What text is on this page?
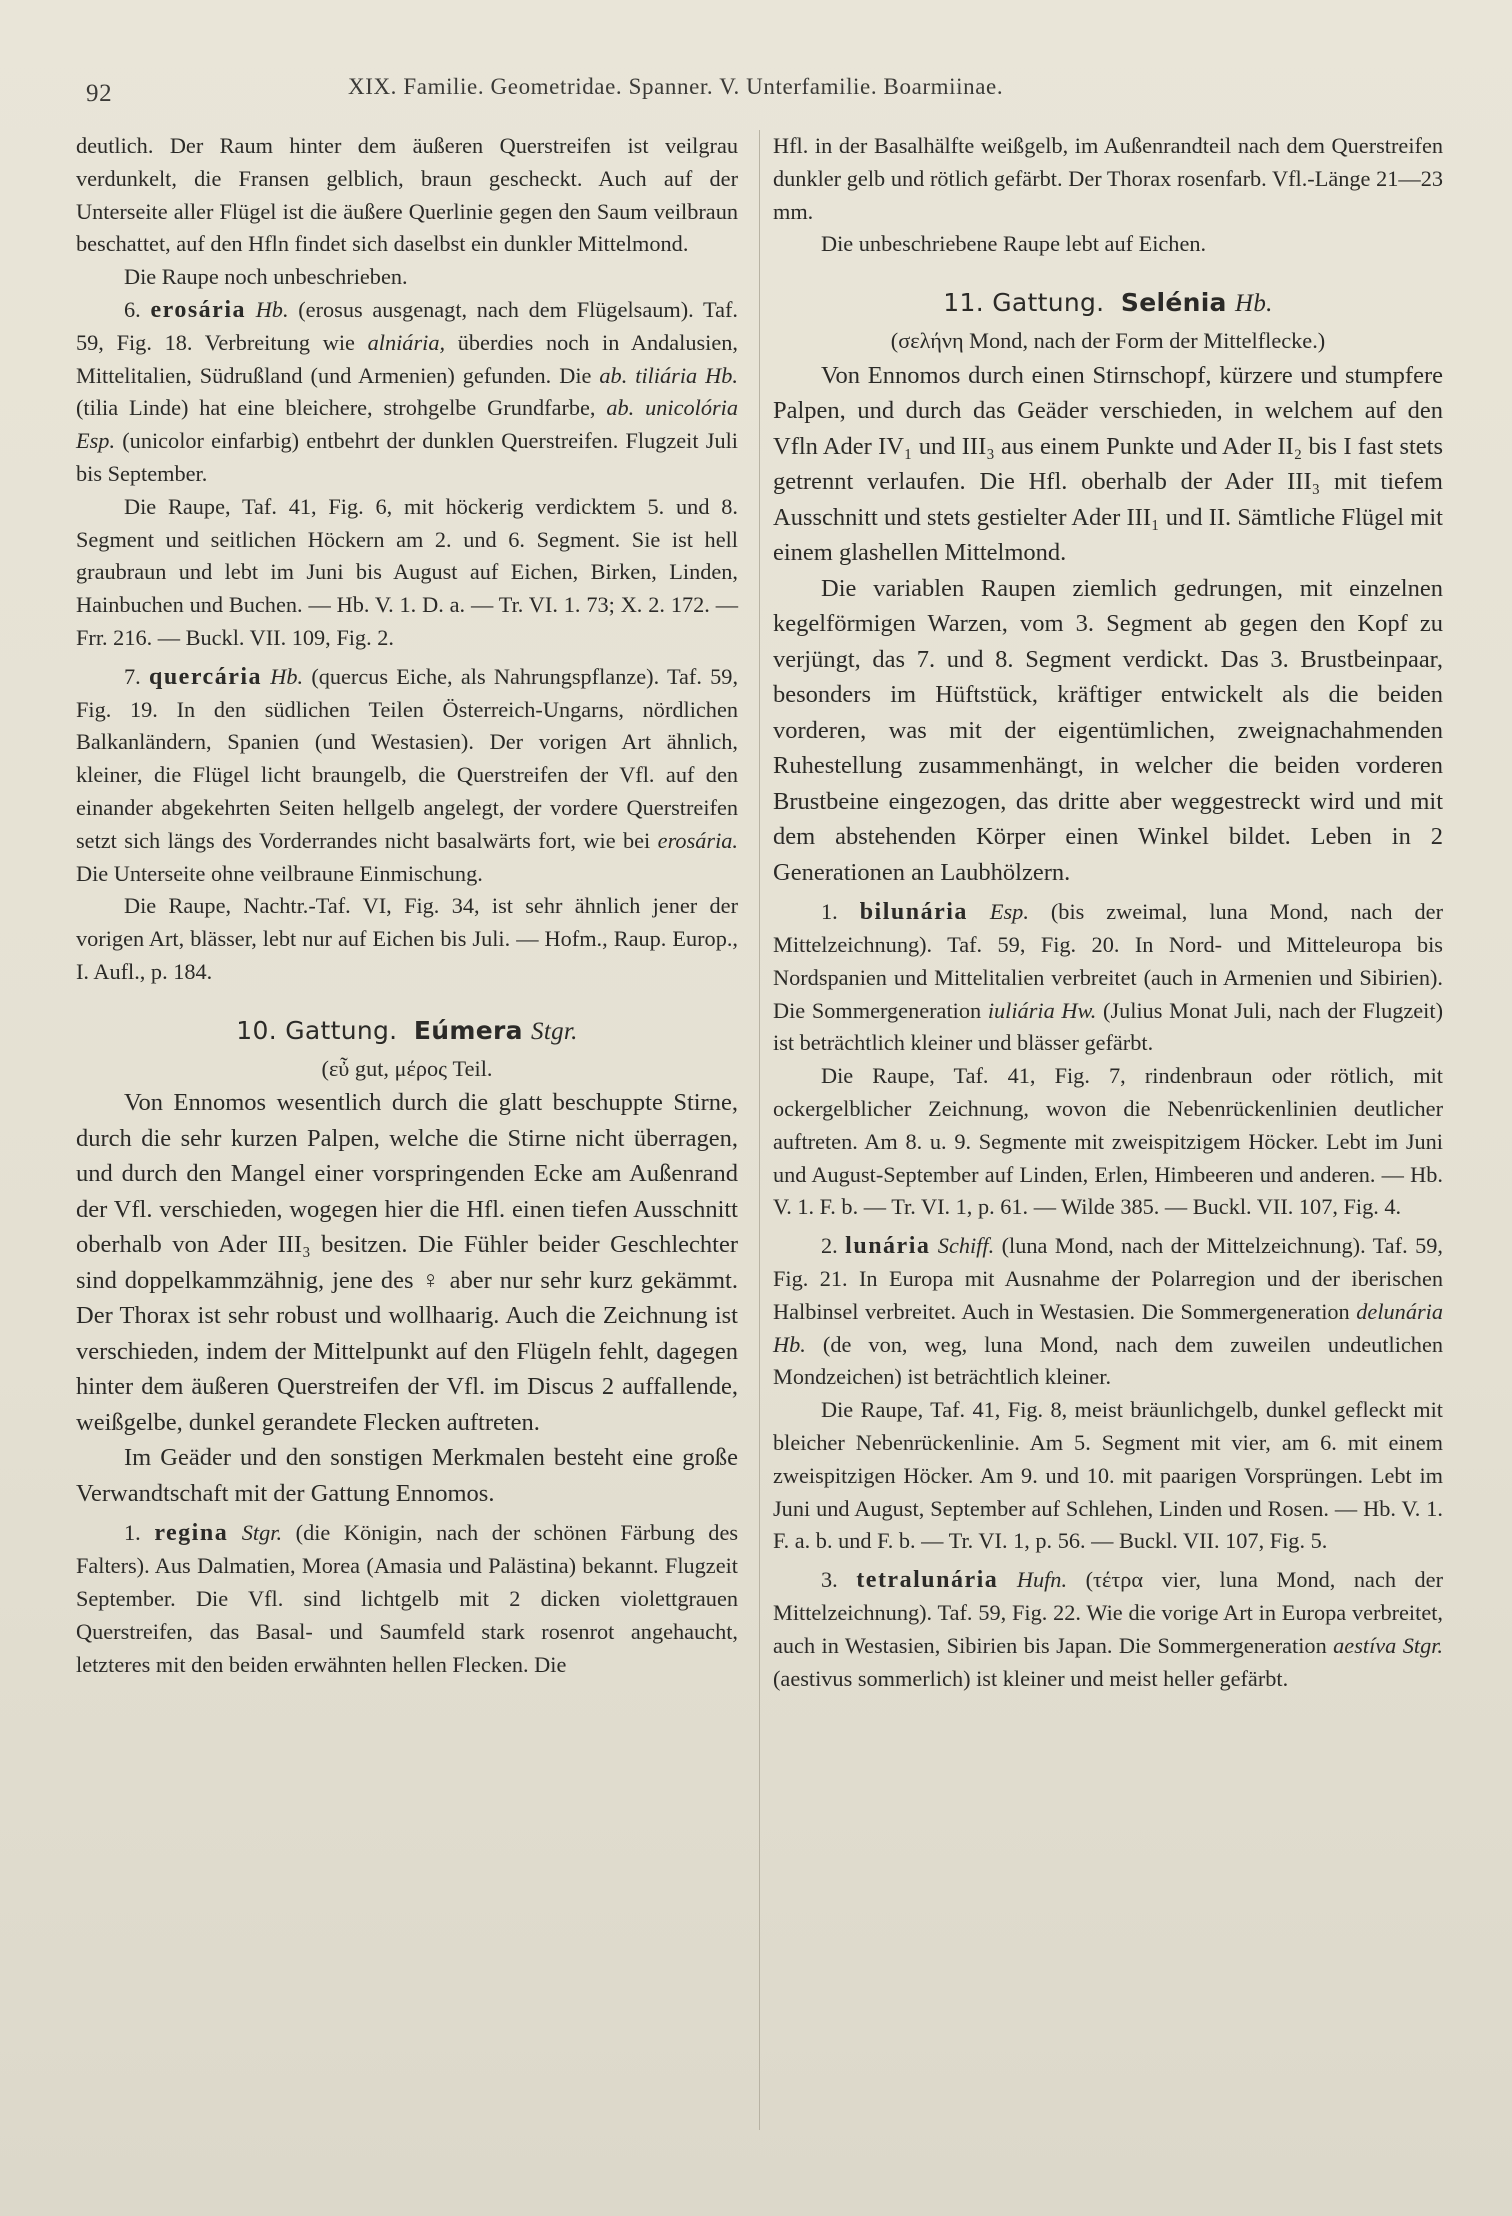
92	XIX. Familie. Geometridae. Spanner. V. Unterfamilie. Boarmiinae.

deutlich. Der Raum hinter dem äußeren Querstreifen ist veilgrau verdunkelt, die Fransen gelblich, braun gescheckt. Auch auf der Unterseite aller Flügel ist die äußere Querlinie gegen den Saum veilbraun beschattet, auf den Hfln findet sich daselbst ein dunkler Mittelmond.

Die Raupe noch unbeschrieben.

6. erosária Hb. (erosus ausgenagt, nach dem Flügelsaum). Taf. 59, Fig. 18. Verbreitung wie alniária, überdies noch in Andalusien, Mittelitalien, Südrußland (und Armenien) gefunden. Die ab. tiliária Hb. (tilia Linde) hat eine bleichere, strohgelbe Grundfarbe, ab. unicolória Esp. (unicolor einfarbig) entbehrt der dunklen Querstreifen. Flugzeit Juli bis September.

Die Raupe, Taf. 41, Fig. 6, mit höckerig verdicktem 5. und 8. Segment und seitlichen Höckern am 2. und 6. Segment. Sie ist hell graubraun und lebt im Juni bis August auf Eichen, Birken, Linden, Hainbuchen und Buchen. — Hb. V. 1. D. a. — Tr. VI. 1. 73; X. 2. 172. — Frr. 216. — Buckl. VII. 109, Fig. 2.

7. quercária Hb. (quercus Eiche, als Nahrungspflanze). Taf. 59, Fig. 19. In den südlichen Teilen Österreich-Ungarns, nördlichen Balkanländern, Spanien (und Westasien). Der vorigen Art ähnlich, kleiner, die Flügel licht braungelb, die Querstreifen der Vfl. auf den einander abgekehrten Seiten hellgelb angelegt, der vordere Querstreifen setzt sich längs des Vorderrandes nicht basalwärts fort, wie bei erosária. Die Unterseite ohne veilbraune Einmischung.

Die Raupe, Nachtr.-Taf. VI, Fig. 34, ist sehr ähnlich jener der vorigen Art, blässer, lebt nur auf Eichen bis Juli. — Hofm., Raup. Europ., I. Aufl., p. 184.

10. Gattung. Eúmera Stgr.

(εὖ gut, μέρος Teil.

Von Ennomos wesentlich durch die glatt beschuppte Stirne, durch die sehr kurzen Palpen, welche die Stirne nicht überragen, und durch den Mangel einer vorspringenden Ecke am Außenrand der Vfl. verschieden, wogegen hier die Hfl. einen tiefen Ausschnitt oberhalb von Ader III₃ besitzen. Die Fühler beider Geschlechter sind doppelkammzähnig, jene des ♀ aber nur sehr kurz gekämmt. Der Thorax ist sehr robust und wollhaarig. Auch die Zeichnung ist verschieden, indem der Mittelpunkt auf den Flügeln fehlt, dagegen hinter dem äußeren Querstreifen der Vfl. im Discus 2 auffallende, weißgelbe, dunkel gerandete Flecken auftreten.

Im Geäder und den sonstigen Merkmalen besteht eine große Verwandtschaft mit der Gattung Ennomos.

1. regina Stgr. (die Königin, nach der schönen Färbung des Falters). Aus Dalmatien, Morea (Amasia und Palästina) bekannt. Flugzeit September. Die Vfl. sind lichtgelb mit 2 dicken violettgrauen Querstreifen, das Basal- und Saumfeld stark rosenrot angehaucht, letzteres mit den beiden erwähnten hellen Flecken. Die

Hfl. in der Basalhälfte weißgelb, im Außenrandteil nach dem Querstreifen dunkler gelb und rötlich gefärbt. Der Thorax rosenfarb. Vfl.-Länge 21—23 mm.

Die unbeschriebene Raupe lebt auf Eichen.

11. Gattung. Selénia Hb.

(σελήνη Mond, nach der Form der Mittelflecke.)

Von Ennomos durch einen Stirnschopf, kürzere und stumpfere Palpen, und durch das Geäder verschieden, in welchem auf den Vfln Ader IV₁ und III₃ aus einem Punkte und Ader II₂ bis I fast stets getrennt verlaufen. Die Hfl. oberhalb der Ader III₃ mit tiefem Ausschnitt und stets gestielter Ader III₁ und II. Sämtliche Flügel mit einem glashellen Mittelmond.

Die variablen Raupen ziemlich gedrungen, mit einzelnen kegelförmigen Warzen, vom 3. Segment ab gegen den Kopf zu verjüngt, das 7. und 8. Segment verdickt. Das 3. Brustbeinpaar, besonders im Hüftstück, kräftiger entwickelt als die beiden vorderen, was mit der eigentümlichen, zweignachahmenden Ruhestellung zusammenhängt, in welcher die beiden vorderen Brustbeine eingezogen, das dritte aber weggestreckt wird und mit dem abstehenden Körper einen Winkel bildet. Leben in 2 Generationen an Laubhölzern.

1. bilunária Esp. (bis zweimal, luna Mond, nach der Mittelzeichnung). Taf. 59, Fig. 20. In Nord- und Mitteleuropa bis Nordspanien und Mittelitalien verbreitet (auch in Armenien und Sibirien). Die Sommergeneration iuliária Hw. (Julius Monat Juli, nach der Flugzeit) ist beträchtlich kleiner und blässer gefärbt.

Die Raupe, Taf. 41, Fig. 7, rindenbraun oder rötlich, mit ockergelblicher Zeichnung, wovon die Nebenrückenlinien deutlicher auftreten. Am 8. u. 9. Segmente mit zweispitzigem Höcker. Lebt im Juni und August-September auf Linden, Erlen, Himbeeren und anderen. — Hb. V. 1. F. b. — Tr. VI. 1, p. 61. — Wilde 385. — Buckl. VII. 107, Fig. 4.

2. lunária Schiff. (luna Mond, nach der Mittelzeichnung). Taf. 59, Fig. 21. In Europa mit Ausnahme der Polarregion und der iberischen Halbinsel verbreitet. Auch in Westasien. Die Sommergeneration delunária Hb. (de von, weg, luna Mond, nach dem zuweilen undeutlichen Mondzeichen) ist beträchtlich kleiner.

Die Raupe, Taf. 41, Fig. 8, meist bräunlichgelb, dunkel gefleckt mit bleicher Nebenrückenlinie. Am 5. Segment mit vier, am 6. mit einem zweispitzigen Höcker. Am 9. und 10. mit paarigen Vorsprüngen. Lebt im Juni und August, September auf Schlehen, Linden und Rosen. — Hb. V. 1. F. a. b. und F. b. — Tr. VI. 1, p. 56. — Buckl. VII. 107, Fig. 5.

3. tetralunária Hufn. (τέτρα vier, luna Mond, nach der Mittelzeichnung). Taf. 59, Fig. 22. Wie die vorige Art in Europa verbreitet, auch in Westasien, Sibirien bis Japan. Die Sommergeneration aestíva Stgr. (aestivus sommerlich) ist kleiner und meist heller gefärbt.
